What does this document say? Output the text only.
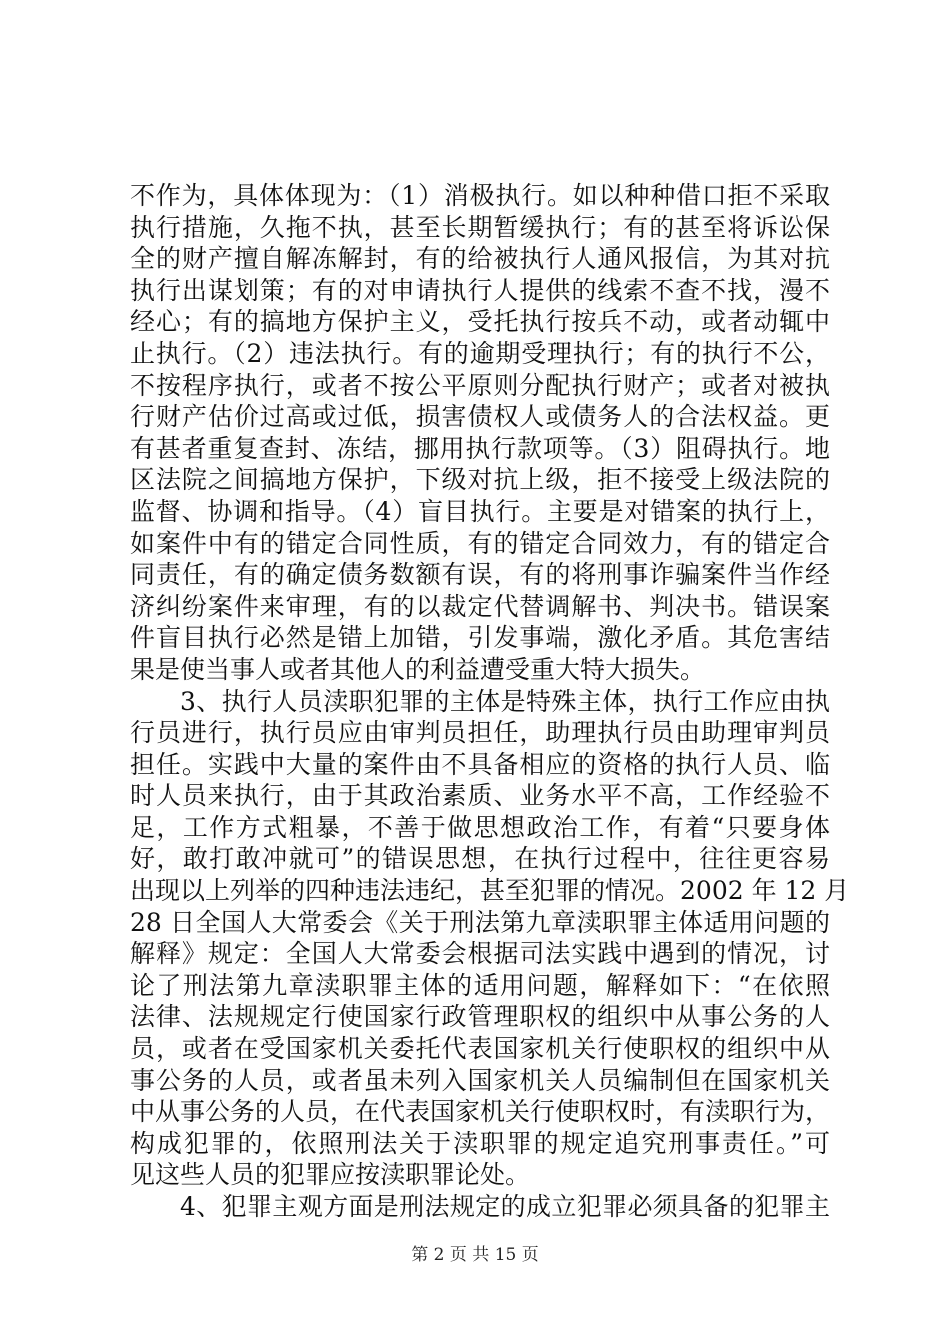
不作为，具体体现为：（1）消极执行。如以种种借口拒不采取
执行措施，久拖不执，甚至长期暂缓执行；有的甚至将诉讼保
全的财产擅自解冻解封，有的给被执行人通风报信，为其对抗
执行出谋划策；有的对申请执行人提供的线索不查不找，漫不
经心；有的搞地方保护主义，受托执行按兵不动，或者动辄中
止执行。（2）违法执行。有的逾期受理执行；有的执行不公，
不按程序执行，或者不按公平原则分配执行财产；或者对被执
行财产估价过高或过低，损害债权人或债务人的合法权益。更
有甚者重复查封、冻结，挪用执行款项等。（3）阻碍执行。地
区法院之间搞地方保护，下级对抗上级，拒不接受上级法院的
监督、协调和指导。（4）盲目执行。主要是对错案的执行上，
如案件中有的错定合同性质，有的错定合同效力，有的错定合
同责任，有的确定债务数额有误，有的将刑事诈骗案件当作经
济纠纷案件来审理，有的以裁定代替调解书、判决书。错误案
件盲目执行必然是错上加错，引发事端，激化矛盾。其危害结
果是使当事人或者其他人的利益遭受重大特大损失。
3、执行人员渎职犯罪的主体是特殊主体，执行工作应由执
行员进行，执行员应由审判员担任，助理执行员由助理审判员
担任。实践中大量的案件由不具备相应的资格的执行人员、临
时人员来执行，由于其政治素质、业务水平不高，工作经验不
足，工作方式粗暴，不善于做思想政治工作，有着“只要身体
好，敢打敢冲就可”的错误思想，在执行过程中，往往更容易
出现以上列举的四种违法违纪，甚至犯罪的情况。2002 年 12 月
28 日全国人大常委会《关于刑法第九章渎职罪主体适用问题的
解释》规定：全国人大常委会根据司法实践中遇到的情况，讨
论了刑法第九章渎职罪主体的适用问题，解释如下：“在依照
法律、法规规定行使国家行政管理职权的组织中从事公务的人
员，或者在受国家机关委托代表国家机关行使职权的组织中从
事公务的人员，或者虽未列入国家机关人员编制但在国家机关
中从事公务的人员，在代表国家机关行使职权时，有渎职行为，
构成犯罪的，依照刑法关于渎职罪的规定追究刑事责任。”可
见这些人员的犯罪应按渎职罪论处。
4、犯罪主观方面是刑法规定的成立犯罪必须具备的犯罪主
第 2 页 共 15 页
